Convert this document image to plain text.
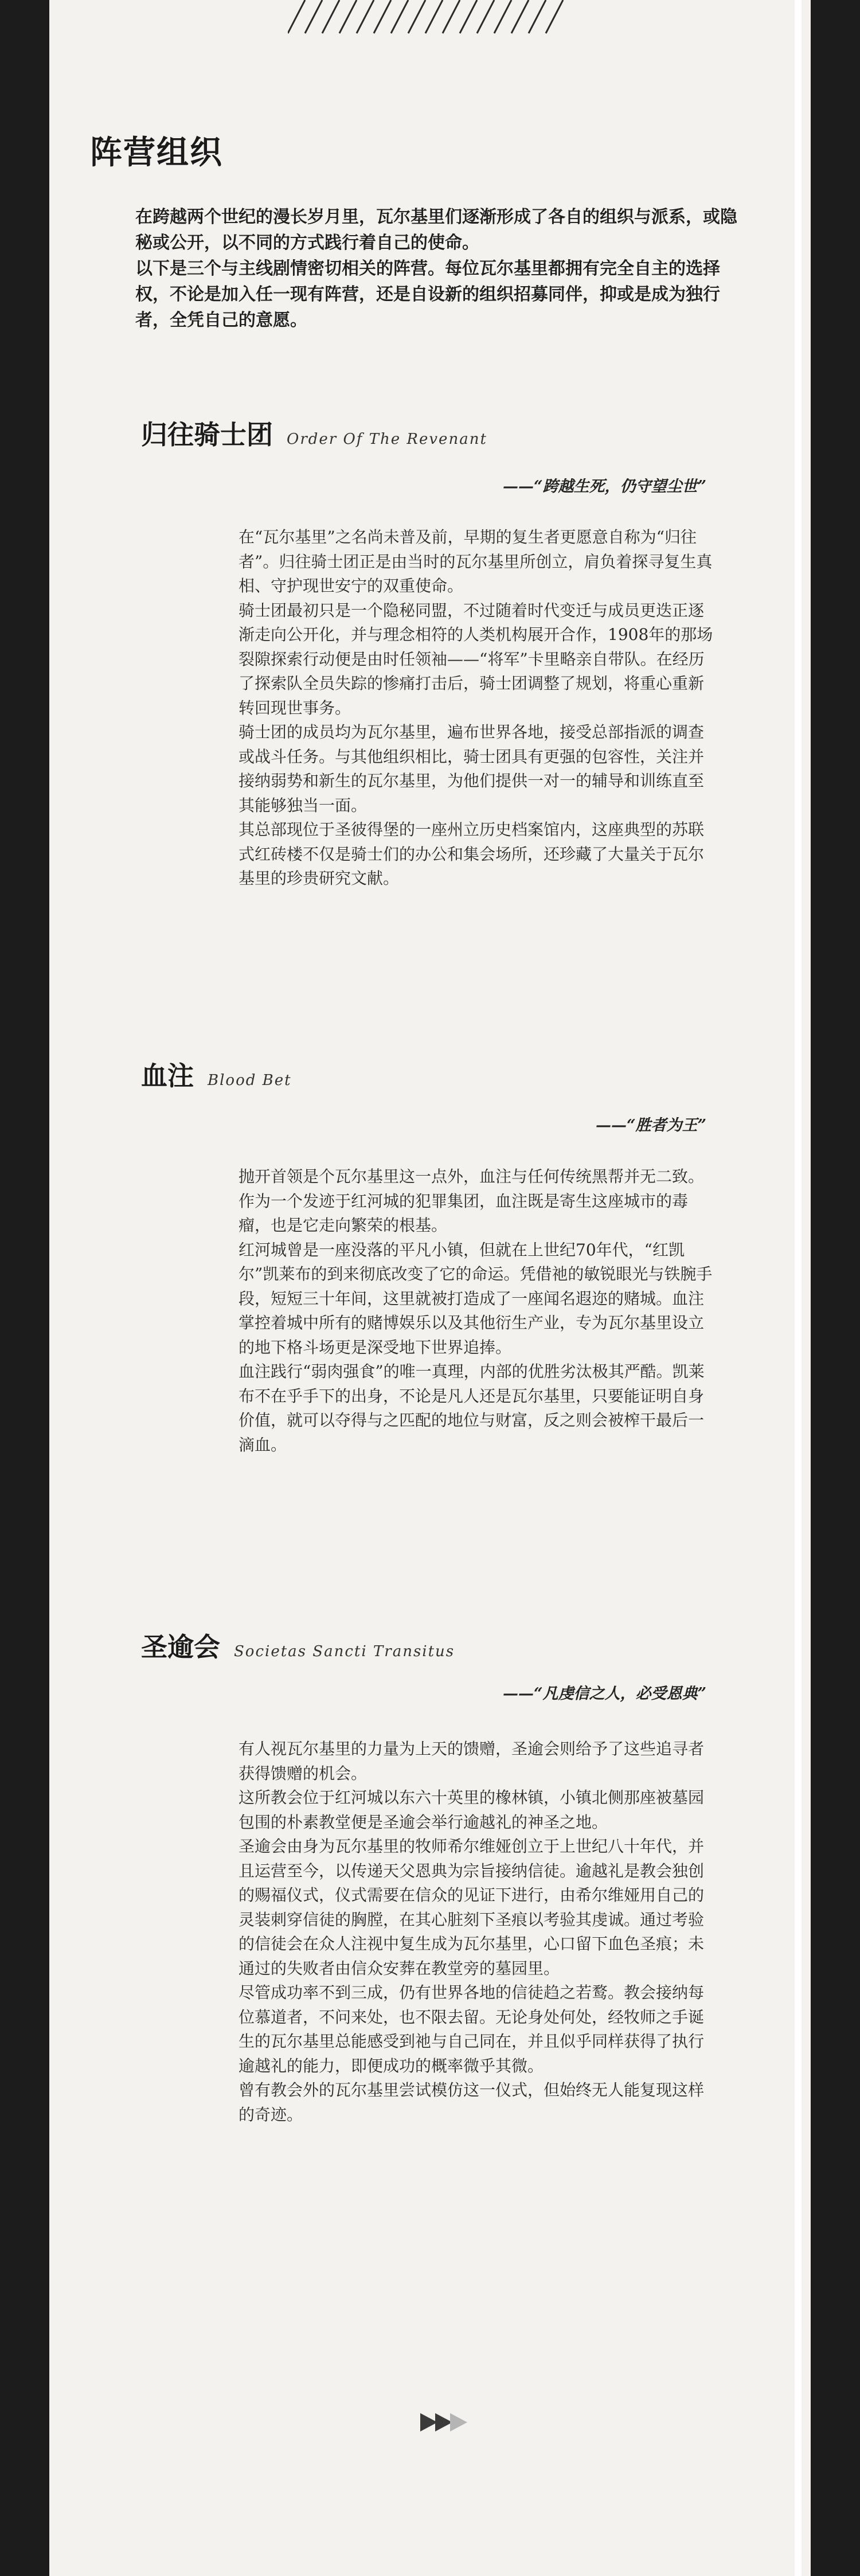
阵营组织

在跨越两个世纪的漫长岁月里，瓦尔基里们逐渐形成了各自的组织与派系，或隐秘或公开，以不同的方式践行着自己的使命。

以下是三个与主线剧情密切相关的阵营。每位瓦尔基里都拥有完全自主的选择权，不论是加入任一现有阵营，还是自设新的组织招募同伴，抑或是成为独行者，全凭自己的意愿。

归往骑士团 Order Of The Revenant
——“跨越生死，仍守望尘世”

在“瓦尔基里”之名尚未普及前，早期的复生者更愿意自称为“归往者”。归往骑士团正是由当时的瓦尔基里所创立，肩负着探寻复生真相、守护现世安宁的双重使命。

骑士团最初只是一个隐秘同盟，不过随着时代变迁与成员更迭正逐渐走向公开化，并与理念相符的人类机构展开合作，1908年的那场裂隙探索行动便是由时任领袖——“将军”卡里略亲自带队。在经历了探索队全员失踪的惨痛打击后，骑士团调整了规划，将重心重新转回现世事务。

骑士团的成员均为瓦尔基里，遍布世界各地，接受总部指派的调查或战斗任务。与其他组织相比，骑士团具有更强的包容性，关注并接纳弱势和新生的瓦尔基里，为他们提供一对一的辅导和训练直至其能够独当一面。

其总部现位于圣彼得堡的一座州立历史档案馆内，这座典型的苏联式红砖楼不仅是骑士们的办公和集会场所，还珍藏了大量关于瓦尔基里的珍贵研究文献。

血注 Blood Bet
——“胜者为王”

抛开首领是个瓦尔基里这一点外，血注与任何传统黑帮并无二致。作为一个发迹于红河城的犯罪集团，血注既是寄生这座城市的毒瘤，也是它走向繁荣的根基。

红河城曾是一座没落的平凡小镇，但就在上世纪70年代，“红凯尔”凯莱布的到来彻底改变了它的命运。凭借祂的敏锐眼光与铁腕手段，短短三十年间，这里就被打造成了一座闻名遐迩的赌城。血注掌控着城中所有的赌博娱乐以及其他衍生产业，专为瓦尔基里设立的地下格斗场更是深受地下世界追捧。

血注践行“弱肉强食”的唯一真理，内部的优胜劣汰极其严酷。凯莱布不在乎手下的出身，不论是凡人还是瓦尔基里，只要能证明自身价值，就可以夺得与之匹配的地位与财富，反之则会被榨干最后一滴血。

圣逾会 Societas Sancti Transitus
——“凡虔信之人，必受恩典”

有人视瓦尔基里的力量为上天的馈赠，圣逾会则给予了这些追寻者获得馈赠的机会。

这所教会位于红河城以东六十英里的橡林镇，小镇北侧那座被墓园包围的朴素教堂便是圣逾会举行逾越礼的神圣之地。

圣逾会由身为瓦尔基里的牧师希尔维娅创立于上世纪八十年代，并且运营至今，以传递天父恩典为宗旨接纳信徒。逾越礼是教会独创的赐福仪式，仪式需要在信众的见证下进行，由希尔维娅用自己的灵装刺穿信徒的胸膛，在其心脏刻下圣痕以考验其虔诚。通过考验的信徒会在众人注视中复生成为瓦尔基里，心口留下血色圣痕；未通过的失败者由信众安葬在教堂旁的墓园里。

尽管成功率不到三成，仍有世界各地的信徒趋之若鹜。教会接纳每位慕道者，不问来处，也不限去留。无论身处何处，经牧师之手诞生的瓦尔基里总能感受到祂与自己同在，并且似乎同样获得了执行逾越礼的能力，即便成功的概率微乎其微。

曾有教会外的瓦尔基里尝试模仿这一仪式，但始终无人能复现这样的奇迹。
